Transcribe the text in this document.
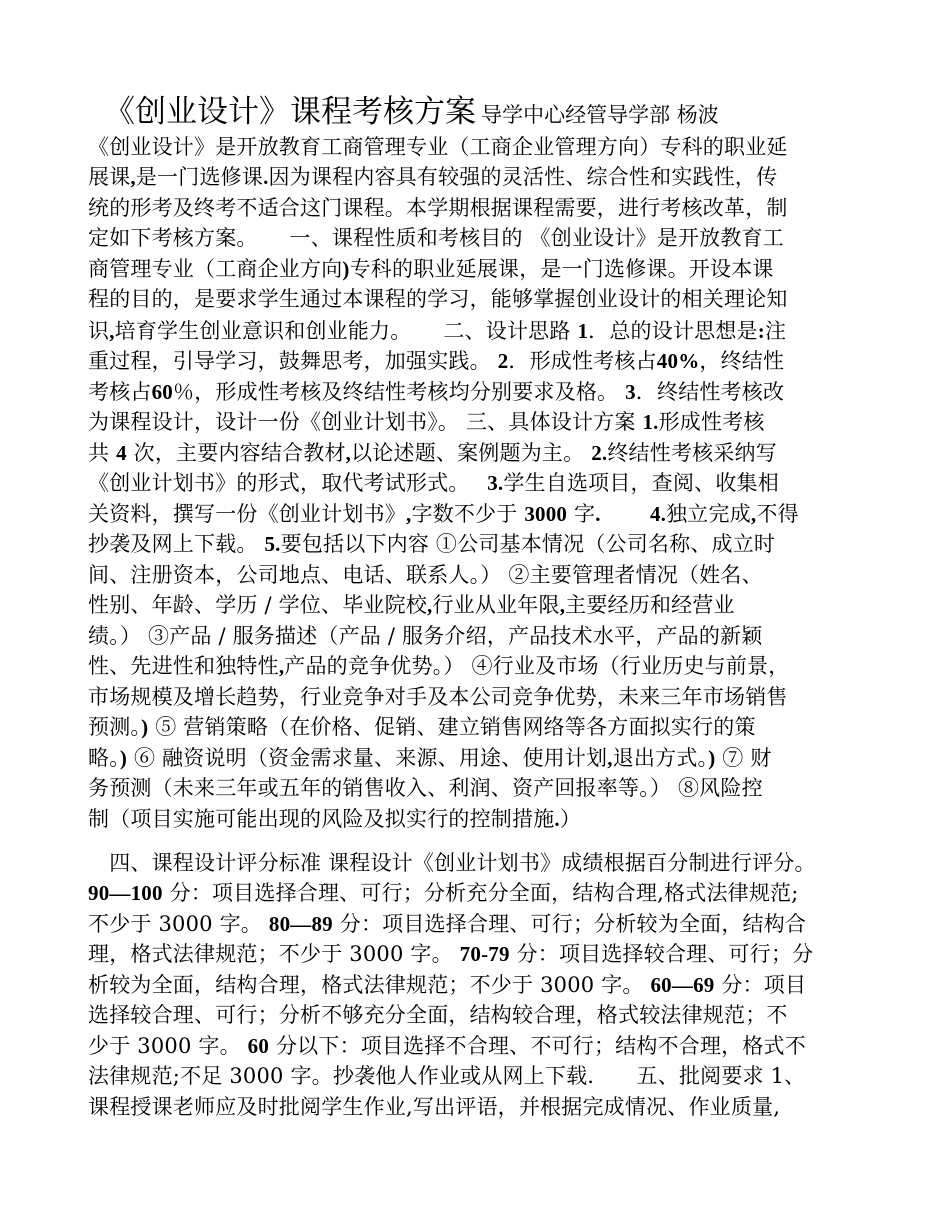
《创业设计》课程考核方案 导学中心经管导学部 杨波
《创业设计》是开放教育工商管理专业（工商企业管理方向）专科的职业延
展课,是一门选修课.因为课程内容具有较强的灵活性、综合性和实践性，传
统的形考及终考不适合这门课程。本学期根据课程需要，进行考核改革，制
定如下考核方案。　　一、课程性质和考核目的 《创业设计》是开放教育工
商管理专业（工商企业方向)专科的职业延展课，是一门选修课。开设本课
程的目的，是要求学生通过本课程的学习，能够掌握创业设计的相关理论知
识,培育学生创业意识和创业能力。　　二、设计思路 1．总的设计思想是:注
重过程，引导学习，鼓舞思考，加强实践。 2．形成性考核占40%，终结性
考核占60％，形成性考核及终结性考核均分别要求及格。 3．终结性考核改
为课程设计，设计一份《创业计划书》。 三、具体设计方案 1.形成性考核
共 4 次，主要内容结合教材,以论述题、案例题为主。 2.终结性考核采纳写
《创业计划书》的形式，取代考试形式。　 3.学生自选项目，查阅、收集相
关资料，撰写一份《创业计划书》,字数不少于 3000 字.　　 4.独立完成,不得
抄袭及网上下载。 5.要包括以下内容 ①公司基本情况（公司名称、成立时
间、注册资本，公司地点、电话、联系人。） ②主要管理者情况（姓名、
性别、年龄、学历 / 学位、毕业院校,行业从业年限,主要经历和经营业
绩。） ③产品 / 服务描述（产品 / 服务介绍，产品技术水平，产品的新颖
性、先进性和独特性,产品的竞争优势。） ④行业及市场（行业历史与前景，
市场规模及增长趋势，行业竞争对手及本公司竞争优势，未来三年市场销售
预测。) ⑤ 营销策略（在价格、促销、建立销售网络等各方面拟实行的策
略。) ⑥ 融资说明（资金需求量、来源、用途、使用计划,退出方式。) ⑦ 财
务预测（未来三年或五年的销售收入、利润、资产回报率等。） ⑧风险控
制（项目实施可能出现的风险及拟实行的控制措施.）
　四、课程设计评分标准 课程设计《创业计划书》成绩根据百分制进行评分。
90—100 分：项目选择合理、可行；分析充分全面，结构合理,格式法律规范;
不少于 3000 字。 80—89 分：项目选择合理、可行；分析较为全面，结构合
理，格式法律规范；不少于 3000 字。 70-79 分：项目选择较合理、可行；分
析较为全面，结构合理，格式法律规范；不少于 3000 字。 60—69 分：项目
选择较合理、可行；分析不够充分全面，结构较合理，格式较法律规范；不
少于 3000 字。 60 分以下：项目选择不合理、不可行；结构不合理，格式不
法律规范;不足 3000 字。抄袭他人作业或从网上下载.　　五、批阅要求 1、
课程授课老师应及时批阅学生作业,写出评语，并根据完成情况、作业质量,
